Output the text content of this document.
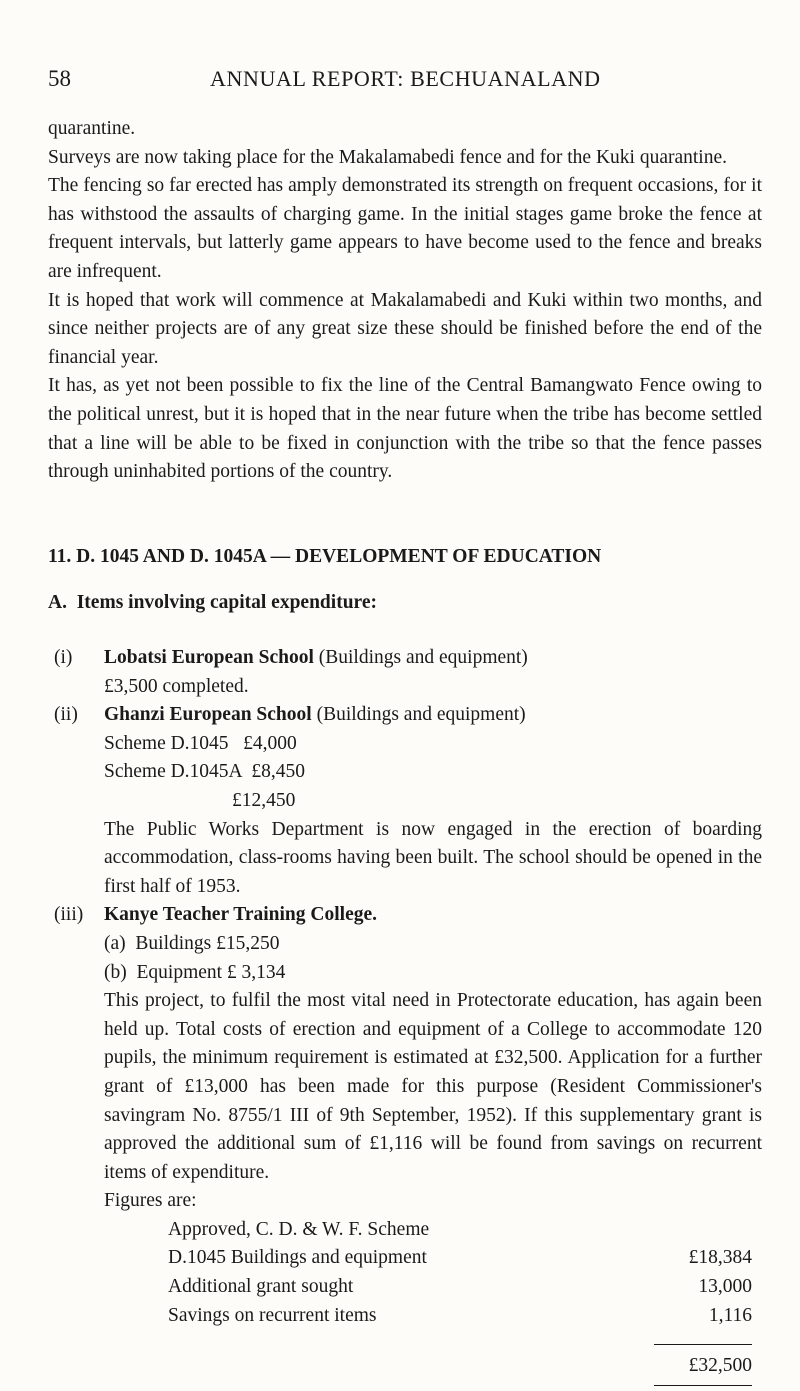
58	ANNUAL REPORT: BECHUANALAND

quarantine.

Surveys are now taking place for the Makalamabedi fence and for the Kuki quarantine.

The fencing so far erected has amply demonstrated its strength on frequent occasions, for it has withstood the assaults of charging game. In the initial stages game broke the fence at frequent intervals, but latterly game appears to have become used to the fence and breaks are infrequent.

It is hoped that work will commence at Makalamabedi and Kuki within two months, and since neither projects are of any great size these should be finished before the end of the financial year.

It has, as yet not been possible to fix the line of the Central Bamangwato Fence owing to the political unrest, but it is hoped that in the near future when the tribe has become settled that a line will be able to be fixed in conjunction with the tribe so that the fence passes through uninhabited portions of the country.

11. D. 1045 AND D. 1045A — DEVELOPMENT OF EDUCATION
A. Items involving capital expenditure:
(i) Lobatsi European School (Buildings and equipment)
£3,500 completed.
(ii) Ghanzi European School (Buildings and equipment)
Scheme D.1045   £4,000
Scheme D.1045A  £8,450
£12,450

The Public Works Department is now engaged in the erection of boarding accommodation, class-rooms having been built. The school should be opened in the first half of 1953.

(iii) Kanye Teacher Training College.
(a)  Buildings £15,250
(b)  Equipment £ 3,134

This project, to fulfil the most vital need in Protectorate education, has again been held up. Total costs of erection and equipment of a College to accommodate 120 pupils, the minimum requirement is estimated at £32,500. Application for a further grant of £13,000 has been made for this purpose (Resident Commissioner's savingram No. 8755/1 III of 9th September, 1952). If this supplementary grant is approved the additional sum of £1,116 will be found from savings on recurrent items of expenditure.

Figures are:
Approved, C. D. & W. F. Scheme
D.1045 Buildings and equipment	£18,384
Additional grant sought	13,000
Savings on recurrent items	1,116
£32,500
